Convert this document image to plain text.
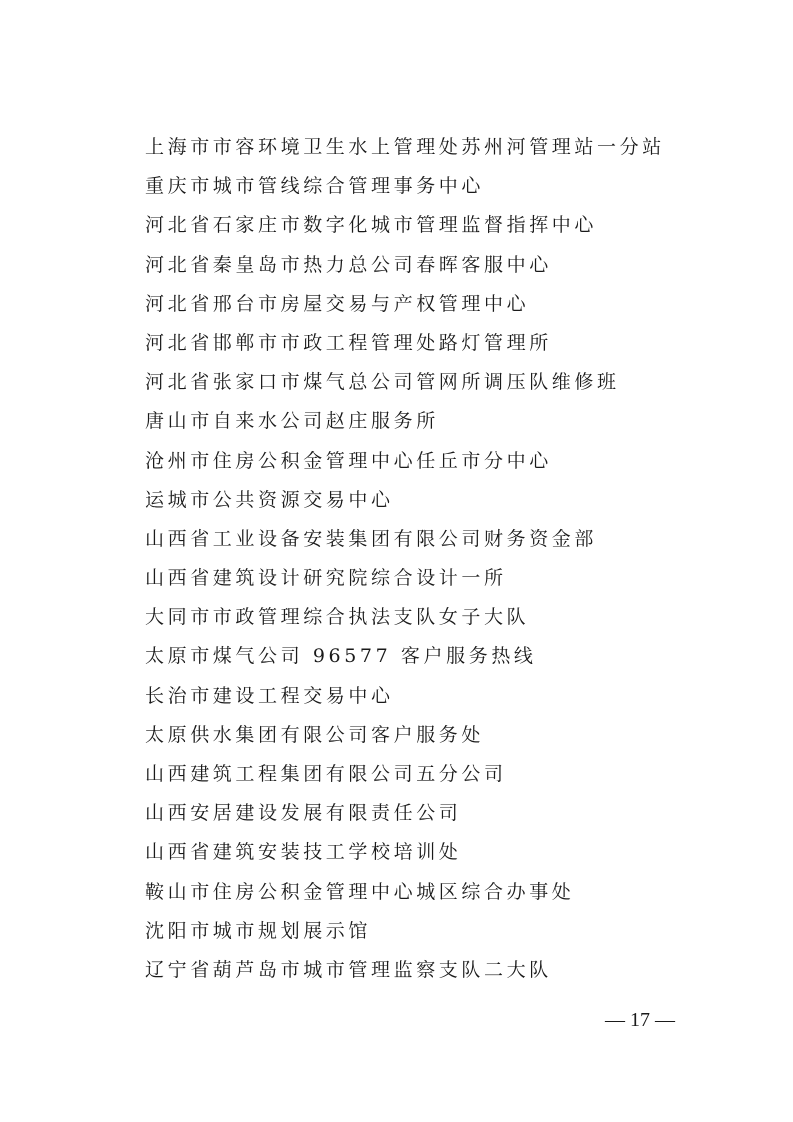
上海市市容环境卫生水上管理处苏州河管理站一分站
重庆市城市管线综合管理事务中心
河北省石家庄市数字化城市管理监督指挥中心
河北省秦皇岛市热力总公司春晖客服中心
河北省邢台市房屋交易与产权管理中心
河北省邯郸市市政工程管理处路灯管理所
河北省张家口市煤气总公司管网所调压队维修班
唐山市自来水公司赵庄服务所
沧州市住房公积金管理中心任丘市分中心
运城市公共资源交易中心
山西省工业设备安装集团有限公司财务资金部
山西省建筑设计研究院综合设计一所
大同市市政管理综合执法支队女子大队
太原市煤气公司 96577 客户服务热线
长治市建设工程交易中心
太原供水集团有限公司客户服务处
山西建筑工程集团有限公司五分公司
山西安居建设发展有限责任公司
山西省建筑安装技工学校培训处
鞍山市住房公积金管理中心城区综合办事处
沈阳市城市规划展示馆
辽宁省葫芦岛市城市管理监察支队二大队
— 17 —
